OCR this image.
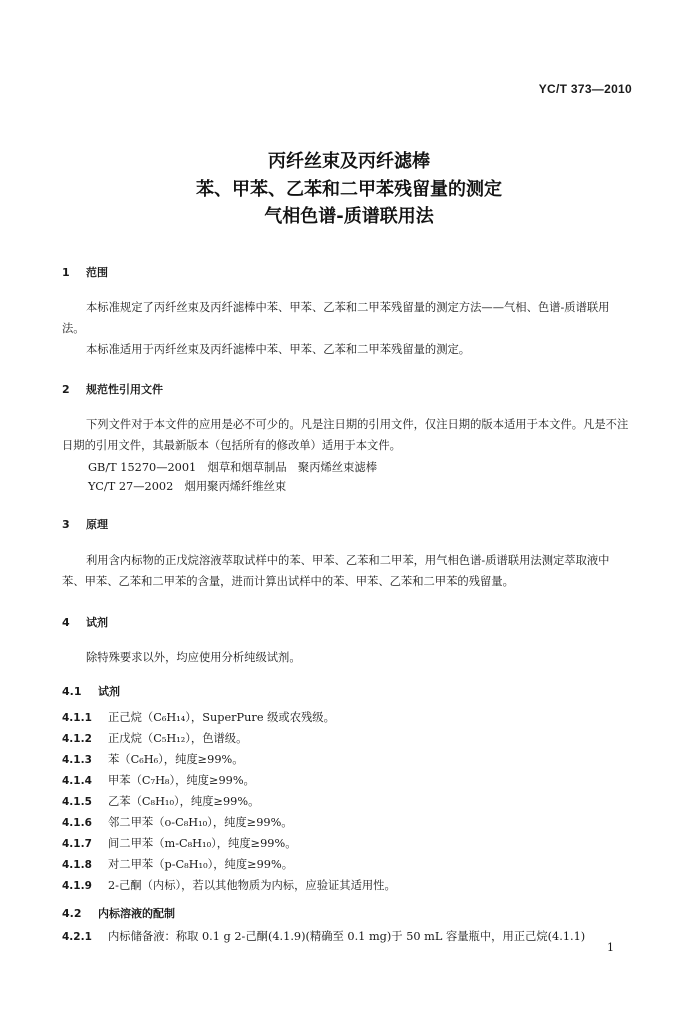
YC/T 373—2010
丙纤丝束及丙纤滤棒
苯、甲苯、乙苯和二甲苯残留量的测定
气相色谱-质谱联用法
1 范围
本标准规定了丙纤丝束及丙纤滤棒中苯、甲苯、乙苯和二甲苯残留量的测定方法——气相、色谱-质谱联用法。
本标准适用于丙纤丝束及丙纤滤棒中苯、甲苯、乙苯和二甲苯残留量的测定。
2 规范性引用文件
下列文件对于本文件的应用是必不可少的。凡是注日期的引用文件，仅注日期的版本适用于本文件。凡是不注日期的引用文件，其最新版本（包括所有的修改单）适用于本文件。
GB/T 15270—2001　烟草和烟草制品　聚丙烯丝束滤棒
YC/T 27—2002　烟用聚丙烯纤维丝束
3 原理
利用含内标物的正戊烷溶液萃取试样中的苯、甲苯、乙苯和二甲苯，用气相色谱-质谱联用法测定萃取液中苯、甲苯、乙苯和二甲苯的含量，进而计算出试样中的苯、甲苯、乙苯和二甲苯的残留量。
4 试剂
除特殊要求以外，均应使用分析纯级试剂。
4.1 试剂
4.1.1 正己烷（C₆H₁₄），SuperPure 级或农残级。
4.1.2 正戊烷（C₅H₁₂），色谱级。
4.1.3 苯（C₆H₆），纯度≥99%。
4.1.4 甲苯（C₇H₈），纯度≥99%。
4.1.5 乙苯（C₈H₁₀），纯度≥99%。
4.1.6 邻二甲苯（o-C₈H₁₀），纯度≥99%。
4.1.7 间二甲苯（m-C₈H₁₀），纯度≥99%。
4.1.8 对二甲苯（p-C₈H₁₀），纯度≥99%。
4.1.9 2-己酮（内标），若以其他物质为内标，应验证其适用性。
4.2 内标溶液的配制
4.2.1 内标储备液：称取 0.1 g 2-己酮(4.1.9)(精确至 0.1 mg)于 50 mL 容量瓶中，用正己烷(4.1.1)
1
